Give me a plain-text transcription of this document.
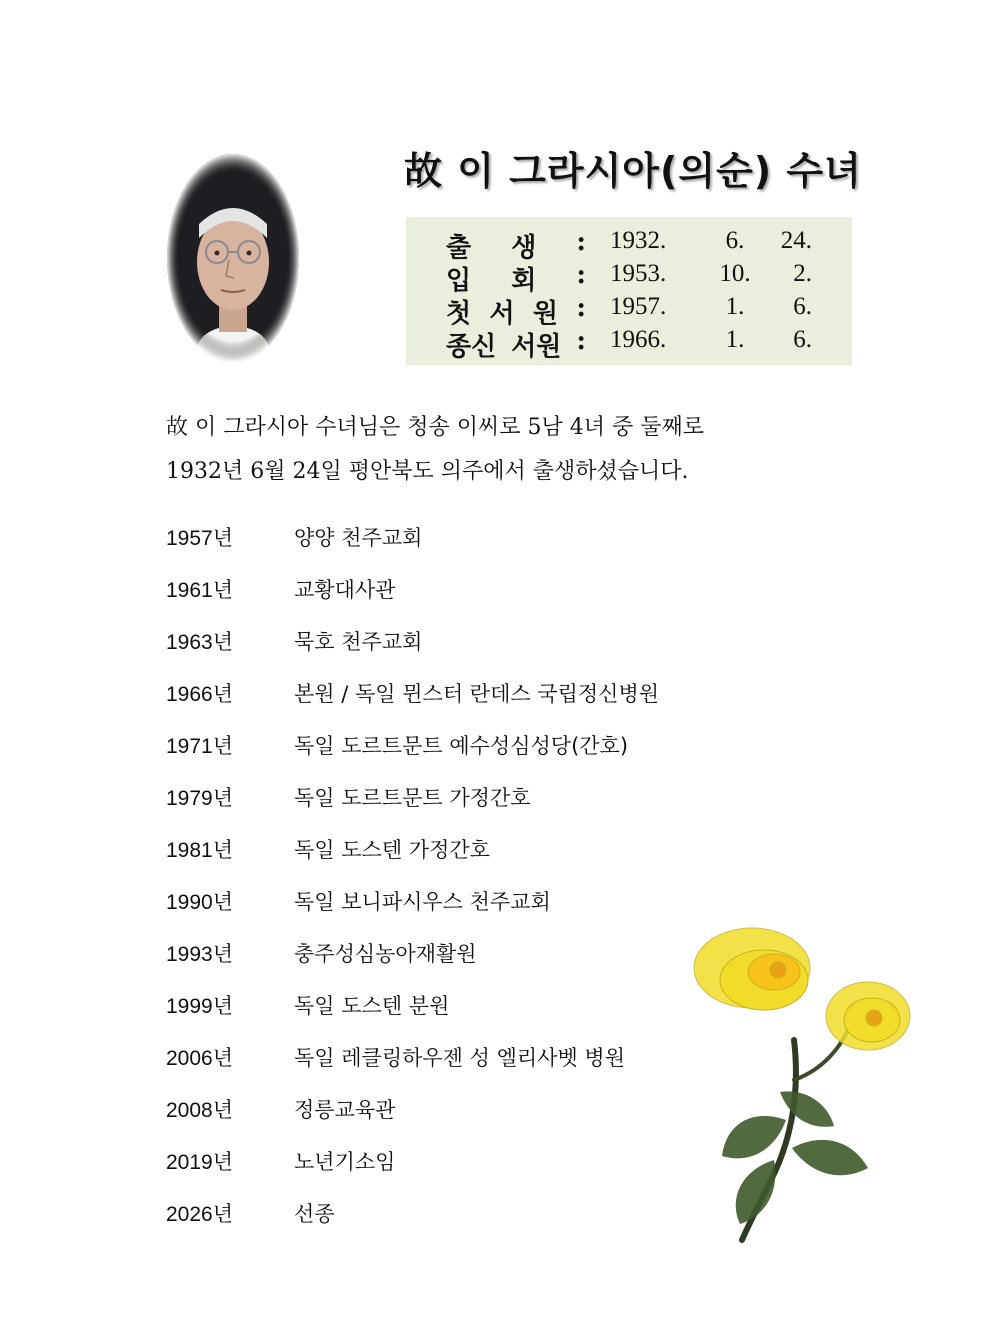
故 이 그라시아(의순) 수녀
출 생 : 1932.	6.	24.
입 회 : 1953. 10.	2.
첫 서 원 : 1957.	1.	6.
종신 서원 : 1966.	1.	6.
1957년	양양 천주교회
1961년	교황대사관
1963년	묵호 천주교회
1966년	본원 / 독일 뮌스터 란데스 국립정신병원
1971년	독일 도르트문트 예수성심성당(간호)
1979년	독일 도르트문트 가정간호
1981년	독일 도스텐 가정간호
1990년	독일 보니파시우스 천주교회
1993년	충주성심농아재활원
1999년	독일 도스텐 분원
2006년	독일 레클링하우젠 성 엘리사벳 병원
2008년	정릉교육관
2019년	노년기소임
2026년	선종

故 이 그라시아 수녀님은 청송 이씨로 5남 4녀 중 둘째로

1932년 6월 24일 평안북도 의주에서 출생하셨습니다.
